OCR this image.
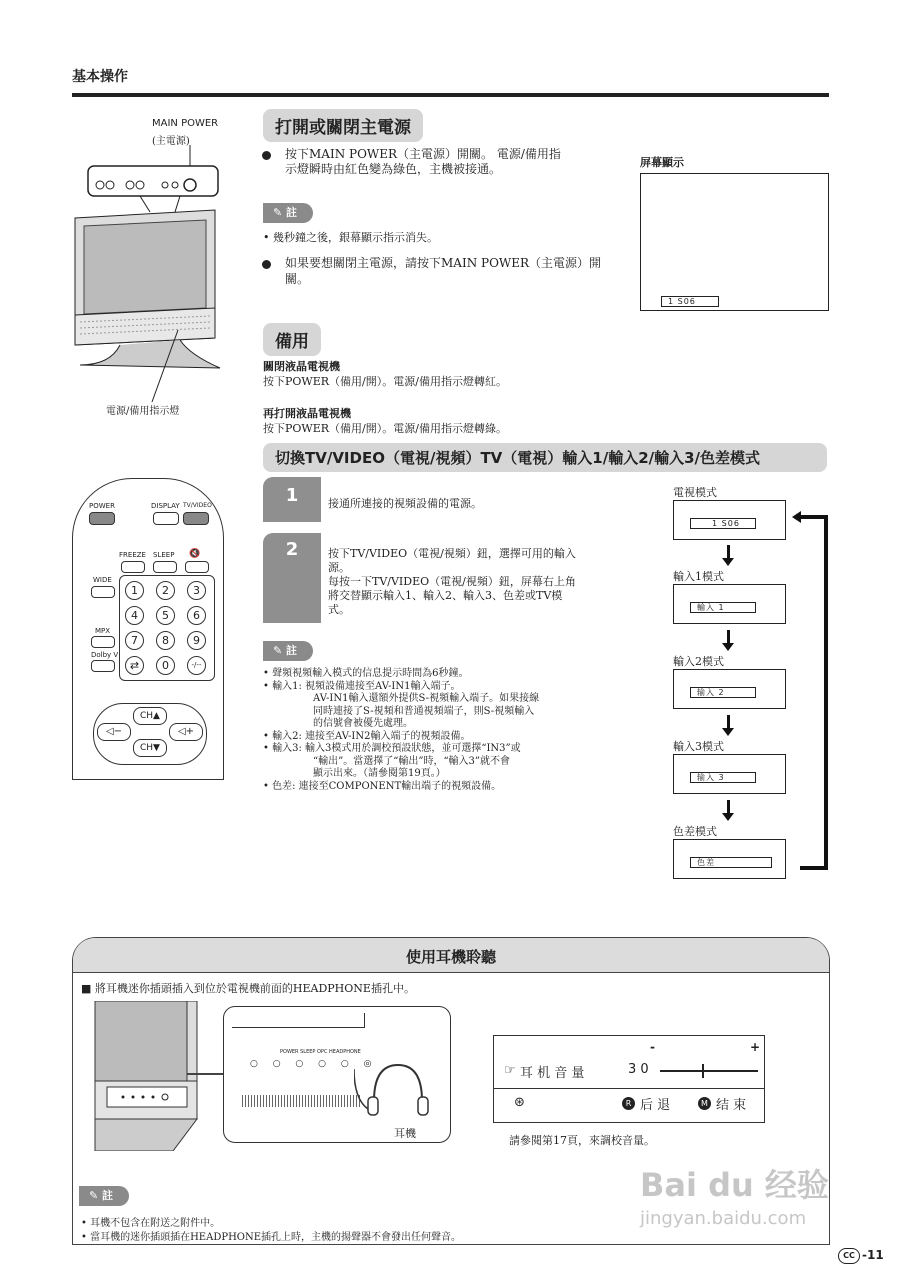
基本操作
MAIN POWER
(主電源)
電源/備用指示燈
打開或關閉主電源
按下MAIN POWER（主電源）開關。 電源/備用指
示燈瞬時由紅色變為綠色，主機被接通。
✎ 註
• 幾秒鐘之後，銀幕顯示指示消失。
如果要想關閉主電源，請按下MAIN POWER（主電源）開
關。
屏幕顯示
1 S06
備用
關閉液晶電視機
按下POWER（備用/開）。電源/備用指示燈轉紅。
再打開液晶電視機
按下POWER（備用/開）。電源/備用指示燈轉綠。
切換TV/VIDEO（電視/視頻）TV（電視）輸入1/輸入2/輸入3/色差模式
1	接通所連接的視頻設備的電源。
2	按下TV/VIDEO（電視/視頻）鈕，選擇可用的輸入
源。
每按一下TV/VIDEO（電視/視頻）鈕，屏幕右上角
將交替顯示輸入1、輸入2、輸入3、色差或TV模
式。
✎ 註
• 聲頻視頻輸入模式的信息提示時間為6秒鐘。
• 輸入1: 視頻設備連接至AV-IN1輸入端子。
AV-IN1輸入還額外提供S-視頻輸入端子。如果接線
同時連接了S-視頻和普通視頻端子，則S-視頻輸入
的信號會被優先處理。
• 輸入2: 連接至AV-IN2輸入端子的視頻設備。
• 輸入3: 輸入3模式用於調校預設狀態，並可選擇“IN3”或
“輸出”。當選擇了“輸出”時，“輸入3”就不會
顯示出來。（請參閱第19頁。）
• 色差: 連接至COMPONENT輸出端子的視頻設備。
電視模式
1 S06
輸入1模式
輸入 1
輸入2模式
输入 2
輸入3模式
输入 3
色差模式
色差
POWER	DISPLAY TV/VIDEO
FREEZE SLEEP 🔇
WIDE
MPX
Dolby V
1	2	3
4	5	6
7	8	9
⇄	0	-/--
CH▲
CH▼
◁−	◁+
使用耳機聆聽
■ 將耳機迷你插頭插入到位於電視機前面的HEADPHONE插孔中。
POWER SLEEP OPC HEADPHONE
○ ○ ○ ○ ○ ◎
耳機
-	+
☞ 耳 机 音 量	3 0
⊛	R 后 退	M 结 束
請參閱第17頁，來調校音量。
✎ 註
• 耳機不包含在附送之附件中。
• 當耳機的迷你插頭插在HEADPHONE插孔上時，主機的揚聲器不會發出任何聲音。
Bai du 经验
jingyan.baidu.com
CC -11
